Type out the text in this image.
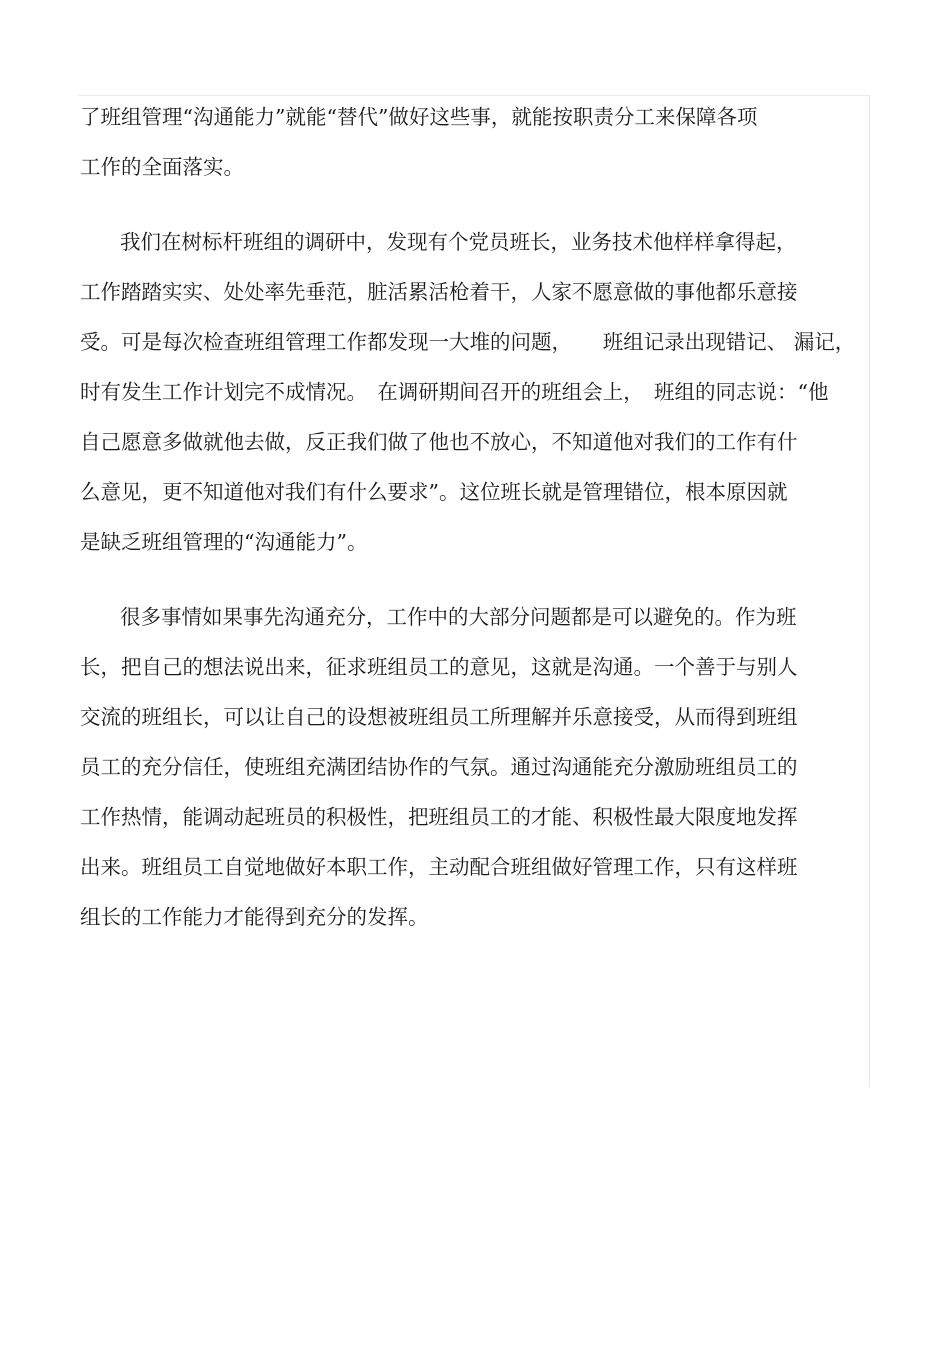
了班组管理“沟通能力”就能“替代”做好这些事，就能按职责分工来保障各项
工作的全面落实。
我们在树标杆班组的调研中，发现有个党员班长，业务技术他样样拿得起，
工作踏踏实实、处处率先垂范，脏活累活枪着干，人家不愿意做的事他都乐意接
受。可是每次检查班组管理工作都发现一大堆的问题，　　班组记录出现错记、 漏记，
时有发生工作计划完不成情况。　在调研期间召开的班组会上，　班组的同志说：“他
自己愿意多做就他去做，反正我们做了他也不放心，不知道他对我们的工作有什
么意见，更不知道他对我们有什么要求”。这位班长就是管理错位，根本原因就
是缺乏班组管理的“沟通能力”。
很多事情如果事先沟通充分，工作中的大部分问题都是可以避免的。作为班
长，把自己的想法说出来，征求班组员工的意见，这就是沟通。一个善于与别人
交流的班组长，可以让自己的设想被班组员工所理解并乐意接受，从而得到班组
员工的充分信任，使班组充满团结协作的气氛。通过沟通能充分激励班组员工的
工作热情，能调动起班员的积极性，把班组员工的才能、积极性最大限度地发挥
出来。班组员工自觉地做好本职工作，主动配合班组做好管理工作，只有这样班
组长的工作能力才能得到充分的发挥。
